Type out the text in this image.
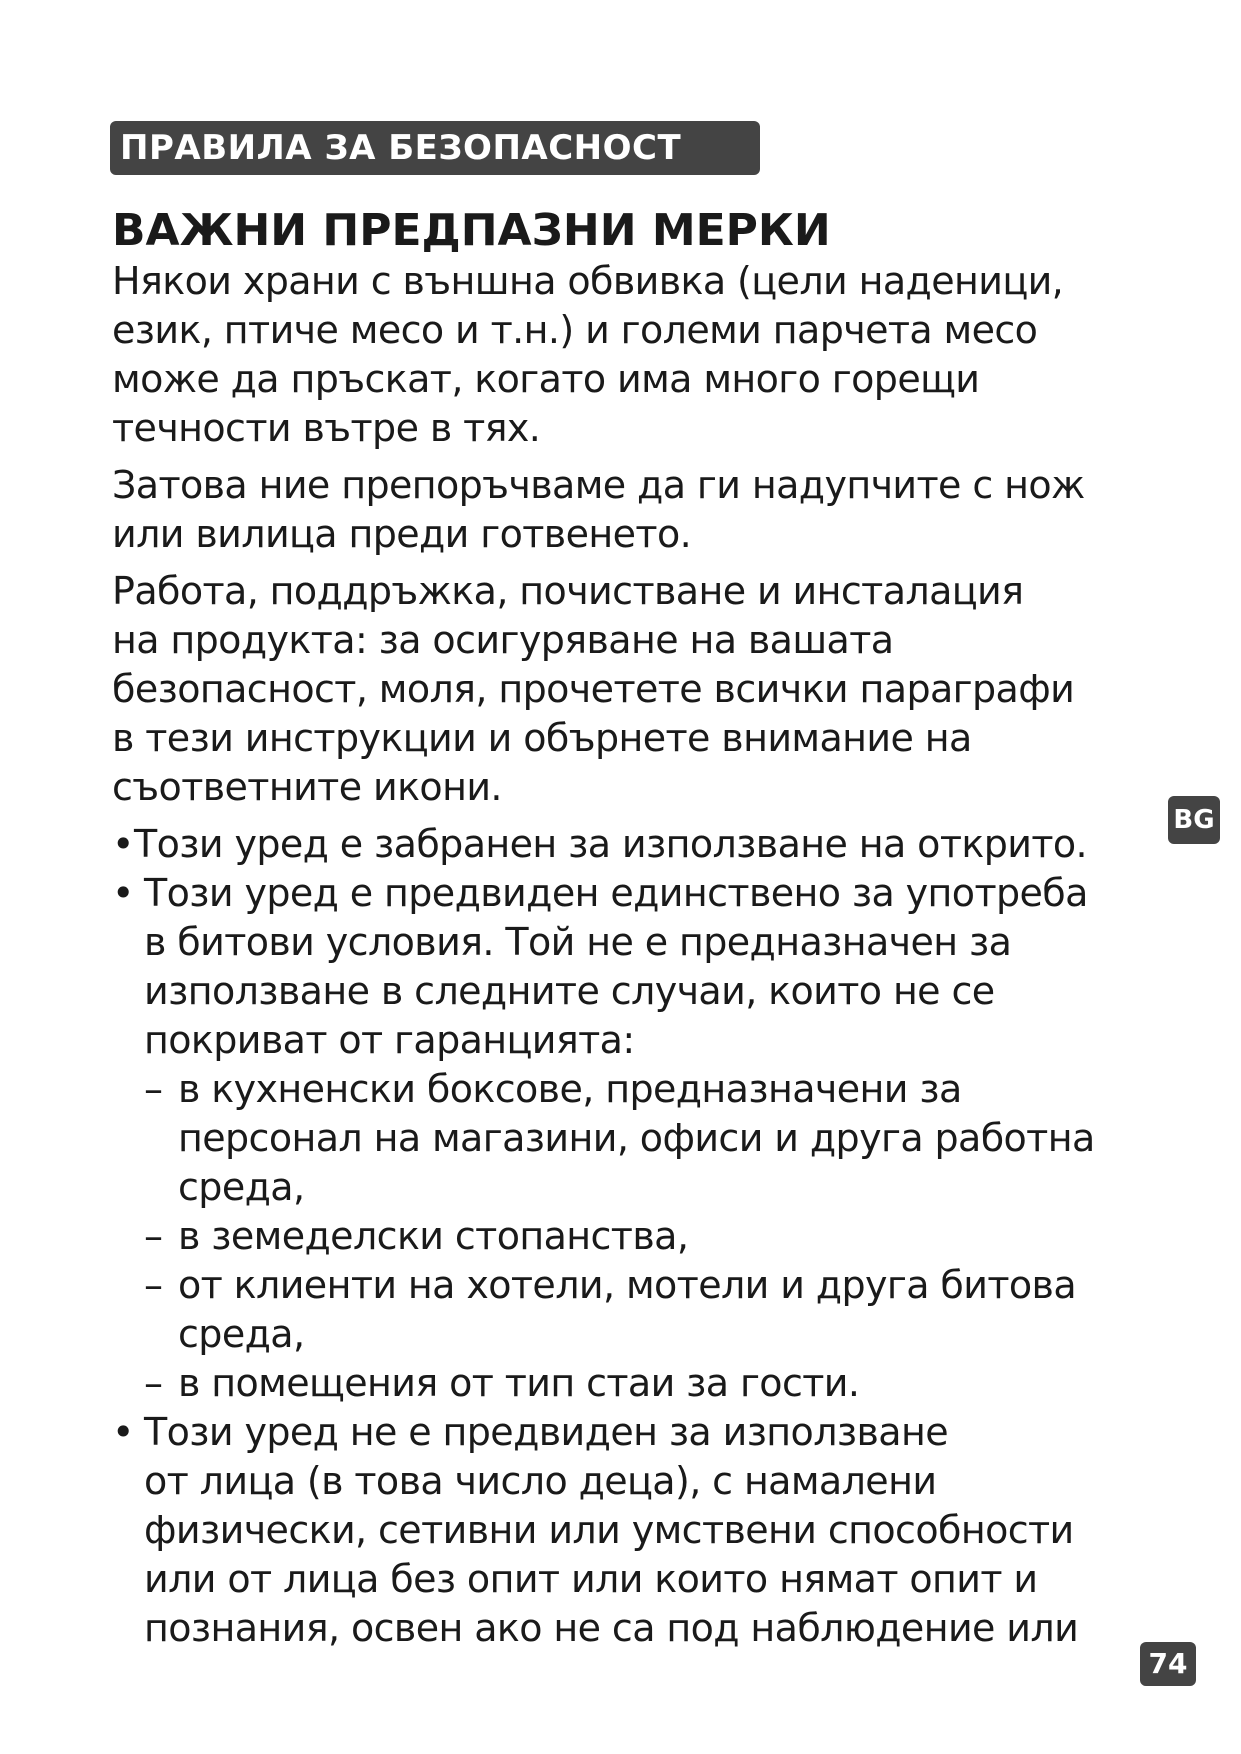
ПРАВИЛА ЗА БЕЗОПАСНОСТ
ВАЖНИ ПРЕДПАЗНИ МЕРКИ
Някои храни с външна обвивка (цели наденици,
език, птиче месо и т.н.) и големи парчета месо
може да пръскат, когато има много горещи
течности вътре в тях.
Затова ние препоръчваме да ги надупчите с нож
или вилица преди готвенето.
Работа, поддръжка, почистване и инсталация
на продукта: за осигуряване на вашата
безопасност, моля, прочетете всички параграфи
в тези инструкции и обърнете внимание на
съответните икони.
• Този уред е забранен за използване на открито.
• Този уред е предвиден единствено за употреба
в битови условия. Той не е предназначен за
използване в следните случаи, които не се
покриват от гаранцията:
– в кухненски боксове, предназначени за
персонал на магазини, офиси и друга работна
среда,
– в земеделски стопанства,
– от клиенти на хотели, мотели и друга битова
среда,
– в помещения от тип стаи за гости.
• Този уред не е предвиден за използване
от лица (в това число деца), с намалени
физически, сетивни или умствени способности
или от лица без опит или които нямат опит и
познания, освен ако не са под наблюдение или
BG
74
